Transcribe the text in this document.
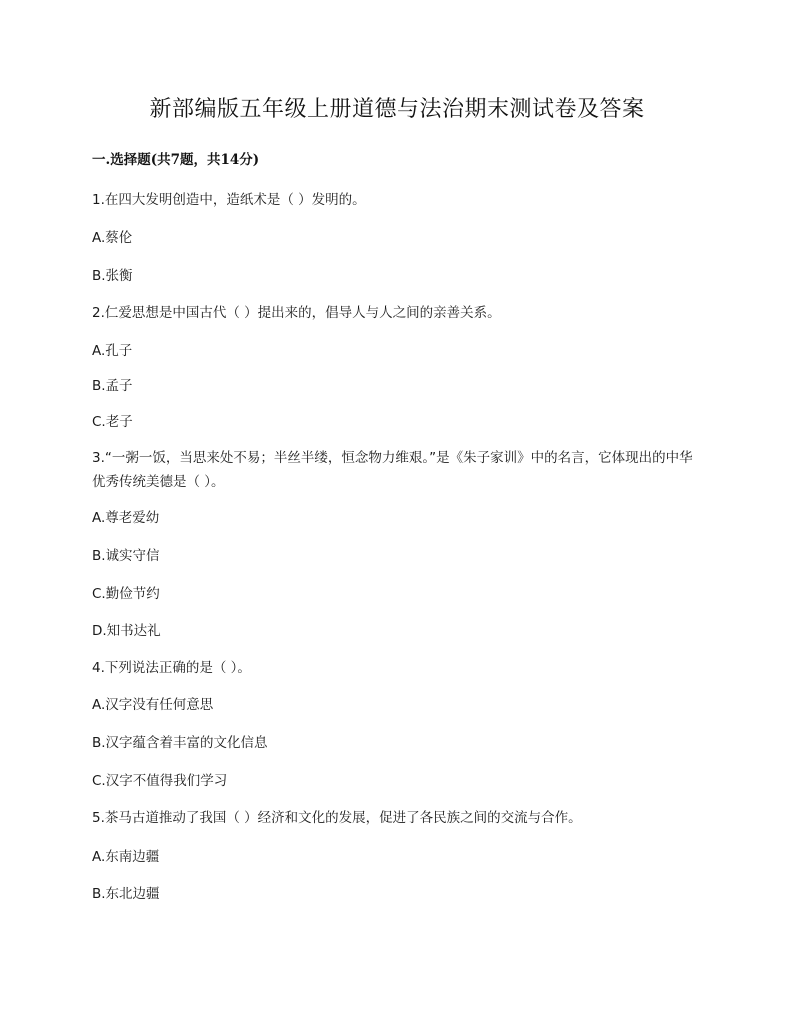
新部编版五年级上册道德与法治期末测试卷及答案
一.选择题(共7题，共14分)
1.在四大发明创造中，造纸术是（ ）发明的。
A.蔡伦
B.张衡
2.仁爱思想是中国古代（ ）提出来的，倡导人与人之间的亲善关系。
A.孔子
B.孟子
C.老子
3.“一粥一饭，当思来处不易；半丝半缕，恒念物力维艰。”是《朱子家训》中的名言，它体现出的中华优秀传统美德是（ ）。
A.尊老爱幼
B.诚实守信
C.勤俭节约
D.知书达礼
4.下列说法正确的是（ ）。
A.汉字没有任何意思
B.汉字蕴含着丰富的文化信息
C.汉字不值得我们学习
5.茶马古道推动了我国（ ）经济和文化的发展，促进了各民族之间的交流与合作。
A.东南边疆
B.东北边疆
